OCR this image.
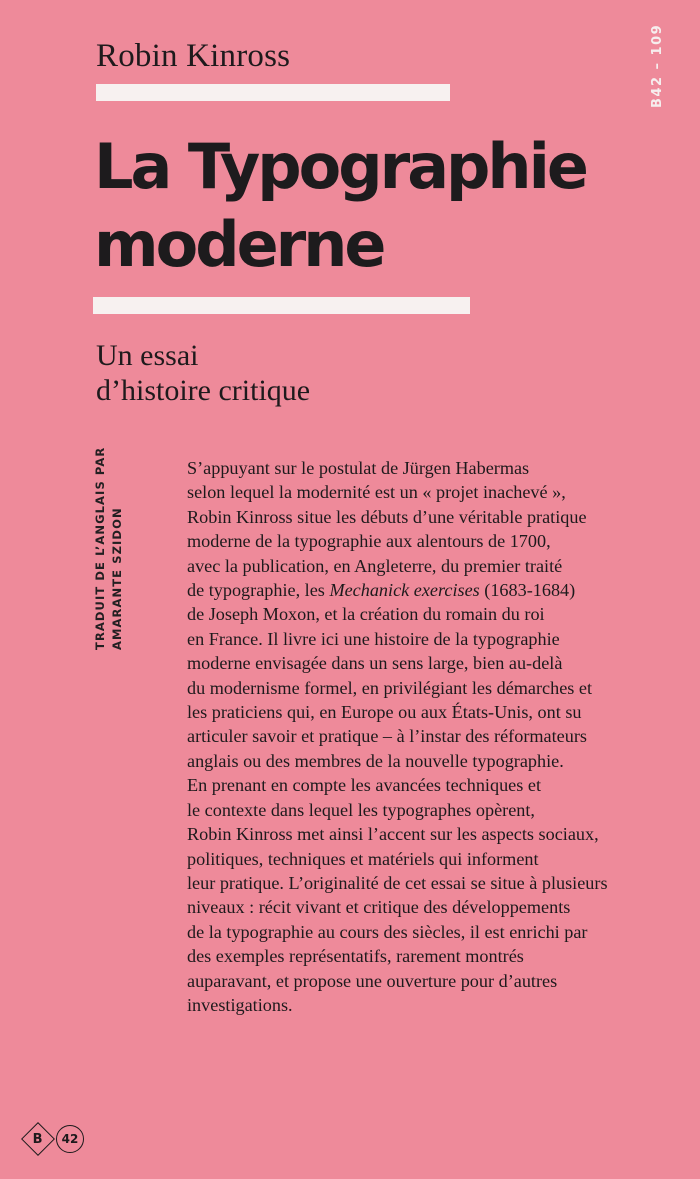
Robin Kinross
La Typographie
moderne
Un essai
d’histoire critique
B42 – 109
TRADUIT DE L’ANGLAIS PAR AMARANTE SZIDON
S’appuyant sur le postulat de Jürgen Habermas
selon lequel la modernité est un « projet inachevé »,
Robin Kinross situe les débuts d’une véritable pratique
moderne de la typographie aux alentours de 1700,
avec la publication, en Angleterre, du premier traité
de typographie, les Mechanick exercises (1683-1684)
de Joseph Moxon, et la création du romain du roi
en France. Il livre ici une histoire de la typographie
moderne envisagée dans un sens large, bien au-delà
du modernisme formel, en privilégiant les démarches et
les praticiens qui, en Europe ou aux États-Unis, ont su
articuler savoir et pratique – à l’instar des réformateurs
anglais ou des membres de la nouvelle typographie.
En prenant en compte les avancées techniques et
le contexte dans lequel les typographes opèrent,
Robin Kinross met ainsi l’accent sur les aspects sociaux,
politiques, techniques et matériels qui informent
leur pratique. L’originalité de cet essai se situe à plusieurs
niveaux : récit vivant et critique des développements
de la typographie au cours des siècles, il est enrichi par
des exemples représentatifs, rarement montrés
auparavant, et propose une ouverture pour d’autres
investigations.
B 42
